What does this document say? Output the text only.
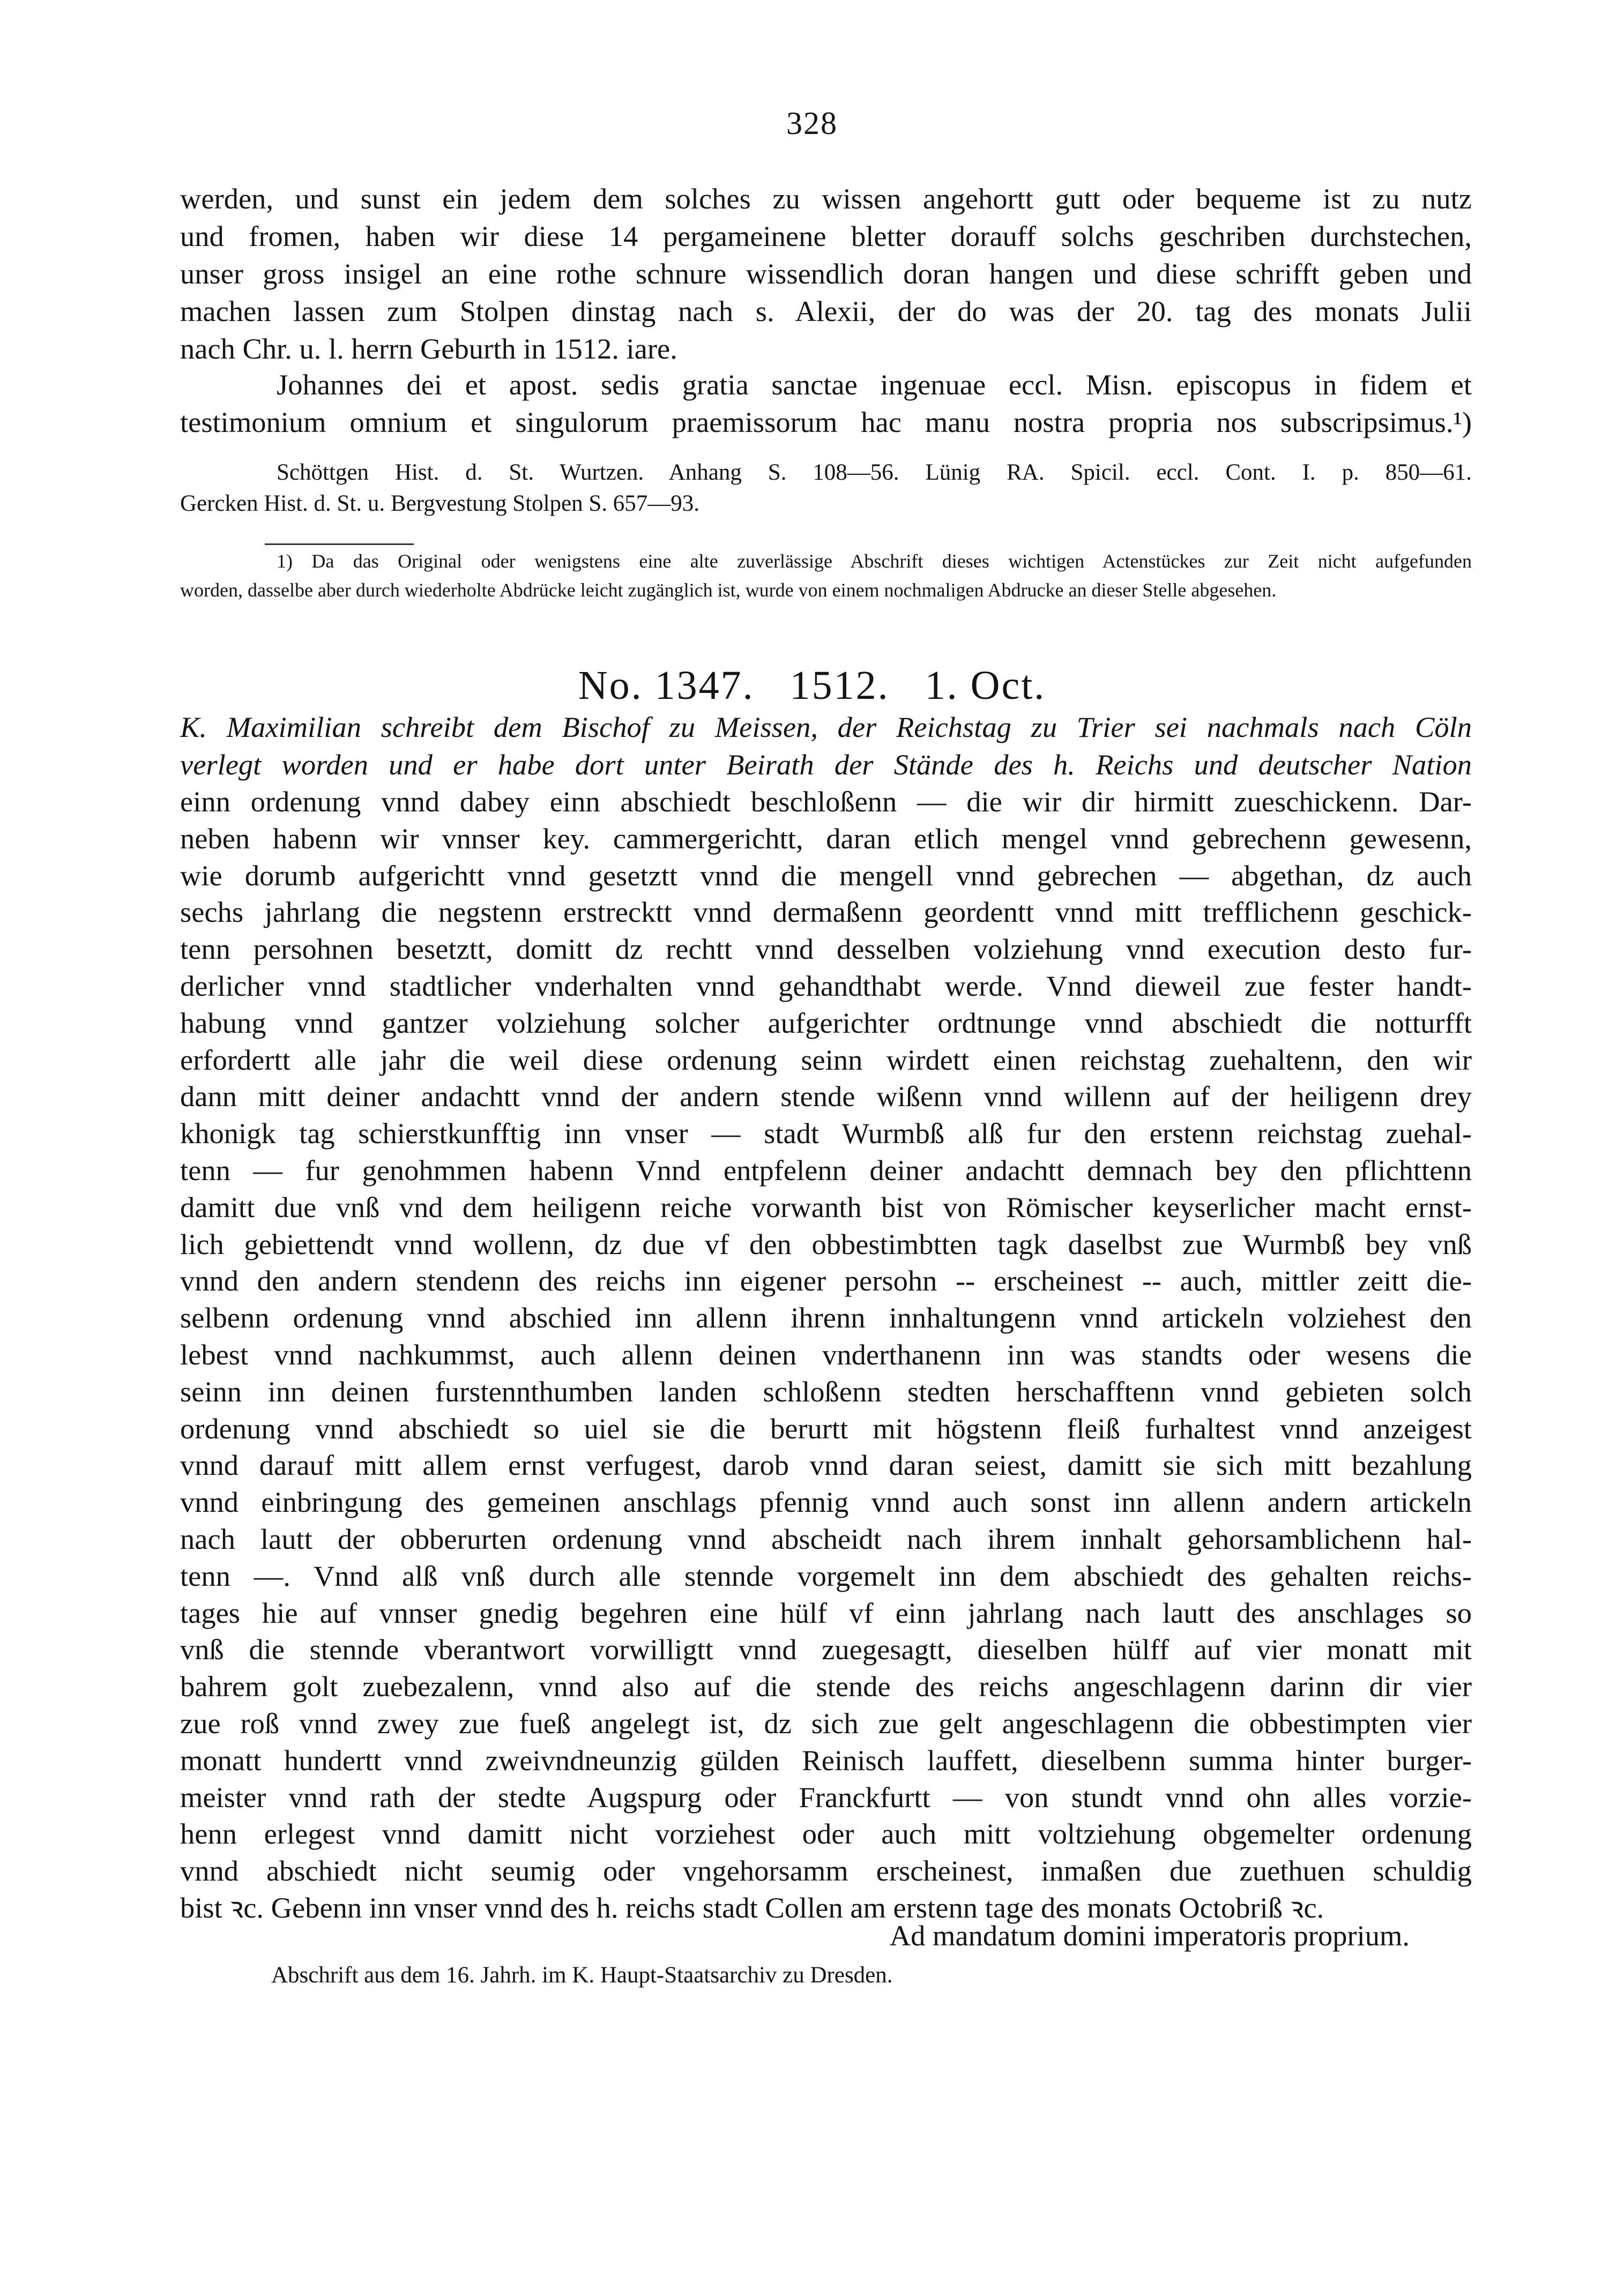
328
werden, und sunst ein jedem dem solches zu wissen angehortt gutt oder bequeme ist zu nutz
und fromen, haben wir diese 14 pergameinene bletter dorauff solchs geschriben durchstechen,
unser gross insigel an eine rothe schnure wissendlich doran hangen und diese schrifft geben und
machen lassen zum Stolpen dinstag nach s. Alexii, der do was der 20. tag des monats Julii
nach Chr. u. l. herrn Geburth in 1512. iare.
Johannes dei et apost. sedis gratia sanctae ingenuae eccl. Misn. episcopus in fidem et
testimonium omnium et singulorum praemissorum hac manu nostra propria nos subscripsimus.¹)
Schöttgen Hist. d. St. Wurtzen. Anhang S. 108—56. Lünig RA. Spicil. eccl. Cont. I. p. 850—61.
Gercken Hist. d. St. u. Bergvestung Stolpen S. 657—93.
1) Da das Original oder wenigstens eine alte zuverlässige Abschrift dieses wichtigen Actenstückes zur Zeit nicht aufgefunden
worden, dasselbe aber durch wiederholte Abdrücke leicht zugänglich ist, wurde von einem nochmaligen Abdrucke an dieser Stelle abgesehen.
No. 1347.   1512.   1. Oct.
K. Maximilian schreibt dem Bischof zu Meissen, der Reichstag zu Trier sei nachmals nach Cöln
verlegt worden und er habe dort unter Beirath der Stände des h. Reichs und deutscher Nation
einn ordenung vnnd dabey einn abschiedt beschloßenn — die wir dir hirmitt zueschickenn. Dar-
neben habenn wir vnnser key. cammergerichtt, daran etlich mengel vnnd gebrechenn gewesenn,
wie dorumb aufgerichtt vnnd gesetztt vnnd die mengell vnnd gebrechen — abgethan, dz auch
sechs jahrlang die negstenn erstrecktt vnnd dermaßenn geordentt vnnd mitt trefflichenn geschick-
tenn persohnen besetztt, domitt dz rechtt vnnd desselben volziehung vnnd execution desto fur-
derlicher vnnd stadtlicher vnderhalten vnnd gehandthabt werde. Vnnd dieweil zue fester handt-
habung vnnd gantzer volziehung solcher aufgerichter ordtnunge vnnd abschiedt die notturfft
erfordertt alle jahr die weil diese ordenung seinn wirdett einen reichstag zuehaltenn, den wir
dann mitt deiner andachtt vnnd der andern stende wißenn vnnd willenn auf der heiligenn drey
khonigk tag schierstkunfftig inn vnser — stadt Wurmbß alß fur den erstenn reichstag zuehal-
tenn — fur genohmmen habenn Vnnd entpfelenn deiner andachtt demnach bey den pflichttenn
damitt due vnß vnd dem heiligenn reiche vorwanth bist von Römischer keyserlicher macht ernst-
lich gebiettendt vnnd wollenn, dz due vf den obbestimbtten tagk daselbst zue Wurmbß bey vnß
vnnd den andern stendenn des reichs inn eigener persohn -- erscheinest -- auch, mittler zeitt die-
selbenn ordenung vnnd abschied inn allenn ihrenn innhaltungenn vnnd artickeln volziehest den
lebest vnnd nachkummst, auch allenn deinen vnderthanenn inn was standts oder wesens die
seinn inn deinen furstennthumben landen schloßenn stedten herschafftenn vnnd gebieten solch
ordenung vnnd abschiedt so uiel sie die berurtt mit högstenn fleiß furhaltest vnnd anzeigest
vnnd darauf mitt allem ernst verfugest, darob vnnd daran seiest, damitt sie sich mitt bezahlung
vnnd einbringung des gemeinen anschlags pfennig vnnd auch sonst inn allenn andern artickeln
nach lautt der obberurten ordenung vnnd abscheidt nach ihrem innhalt gehorsamblichenn hal-
tenn —. Vnnd alß vnß durch alle stennde vorgemelt inn dem abschiedt des gehalten reichs-
tages hie auf vnnser gnedig begehren eine hülf vf einn jahrlang nach lautt des anschlages so
vnß die stennde vberantwort vorwilligtt vnnd zuegesagtt, dieselben hülff auf vier monatt mit
bahrem golt zuebezalenn, vnnd also auf die stende des reichs angeschlagenn darinn dir vier
zue roß vnnd zwey zue fueß angelegt ist, dz sich zue gelt angeschlagenn die obbestimpten vier
monatt hundertt vnnd zweivndneunzig gülden Reinisch lauffett, dieselbenn summa hinter burger-
meister vnnd rath der stedte Augspurg oder Franckfurtt — von stundt vnnd ohn alles vorzie-
henn erlegest vnnd damitt nicht vorziehest oder auch mitt voltziehung obgemelter ordenung
vnnd abschiedt nicht seumig oder vngehorsamm erscheinest, inmaßen due zuethuen schuldig
bist ꝛc. Gebenn inn vnser vnnd des h. reichs stadt Collen am erstenn tage des monats Octobriß ꝛc.
Ad mandatum domini imperatoris proprium.
Abschrift aus dem 16. Jahrh. im K. Haupt-Staatsarchiv zu Dresden.
